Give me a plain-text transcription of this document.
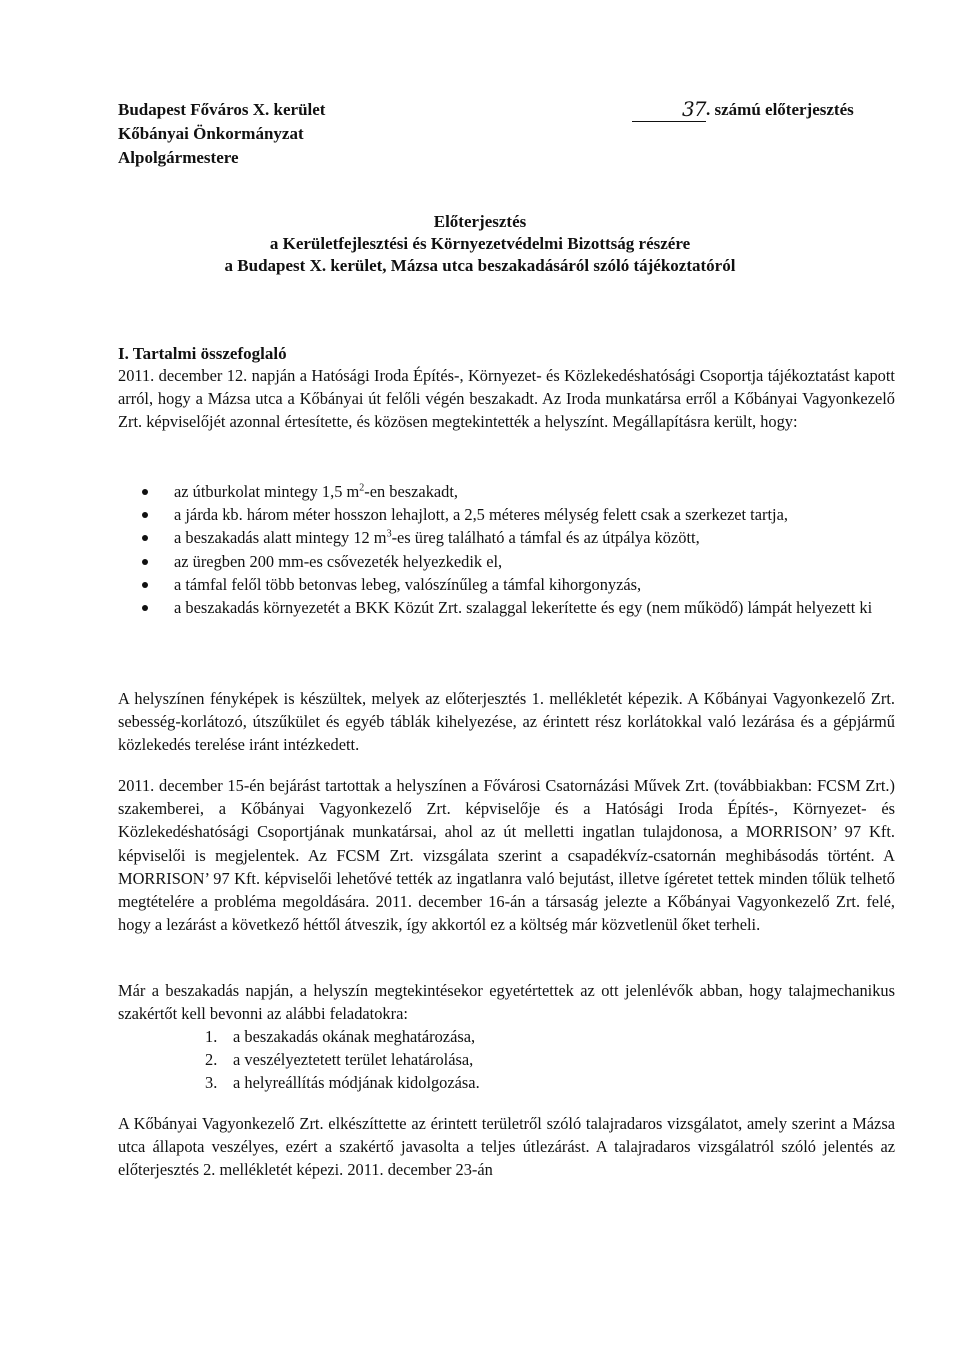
Budapest Főváros X. kerület
Kőbányai Önkormányzat
Alpolgármestere
37 . számú előterjesztés
Előterjesztés
a Kerületfejlesztési és Környezetvédelmi Bizottság részére
a Budapest X. kerület, Mázsa utca beszakadásáról szóló tájékoztatóról
I. Tartalmi összefoglaló
2011. december 12. napján a Hatósági Iroda Építés-, Környezet- és Közlekedéshatósági Csoportja tájékoztatást kapott arról, hogy a Mázsa utca a Kőbányai út felőli végén beszakadt. Az Iroda munkatársa erről a Kőbányai Vagyonkezelő Zrt. képviselőjét azonnal értesítette, és közösen megtekintették a helyszínt. Megállapításra került, hogy:
az útburkolat mintegy 1,5 $m^2-en$ beszakadt,
a járda kb. három méter hosszon lehajlott, a 2,5 méteres mélység felett csak a szerkezet tartja,
a beszakadás alatt mintegy 12 $m^3-es$ üreg található a támfal és az útpálya között,
az üregben 200 mm-es csővezeték helyezkedik el,
a támfal felől több betonvas lebeg, valószínűleg a támfal kihorgonyzás,
a beszakadás környezetét a BKK Közút Zrt. szalaggal lekerítette és egy (nem működő) lámpát helyezett ki
A helyszínen fényképek is készültek, melyek az előterjesztés 1. mellékletét képezik. A Kőbányai Vagyonkezelő Zrt. sebesség-korlátozó, útszűkület és egyéb táblák kihelyezése, az érintett rész korlátokkal való lezárása és a gépjármű közlekedés terelése iránt intézkedett.
2011. december 15-én bejárást tartottak a helyszínen a Fővárosi Csatornázási Művek Zrt. (továbbiakban: FCSM Zrt.) szakemberei, a Kőbányai Vagyonkezelő Zrt. képviselője és a Hatósági Iroda Építés-, Környezet- és Közlekedéshatósági Csoportjának munkatársai, ahol az út melletti ingatlan tulajdonosa, a MORRISON’ 97 Kft. képviselői is megjelentek. Az FCSM Zrt. vizsgálata szerint a csapadékvíz-csatornán meghibásodás történt. A MORRISON’ 97 Kft. képviselői lehetővé tették az ingatlanra való bejutást, illetve ígéretet tettek minden tőlük telhető megtételére a probléma megoldására. 2011. december 16-án a társaság jelezte a Kőbányai Vagyonkezelő Zrt. felé, hogy a lezárást a következő héttől átveszik, így akkortól ez a költség már közvetlenül őket terheli.
Már a beszakadás napján, a helyszín megtekintésekor egyetértettek az ott jelenlévők abban, hogy talajmechanikus szakértőt kell bevonni az alábbi feladatokra:
1. a beszakadás okának meghatározása,
2. a veszélyeztetett terület lehatárolása,
3. a helyreállítás módjának kidolgozása.
A Kőbányai Vagyonkezelő Zrt. elkészíttette az érintett területről szóló talajradaros vizsgálatot, amely szerint a Mázsa utca állapota veszélyes, ezért a szakértő javasolta a teljes útlezárást. A talajradaros vizsgálatról szóló jelentés az előterjesztés 2. mellékletét képezi. 2011. december 23-án
